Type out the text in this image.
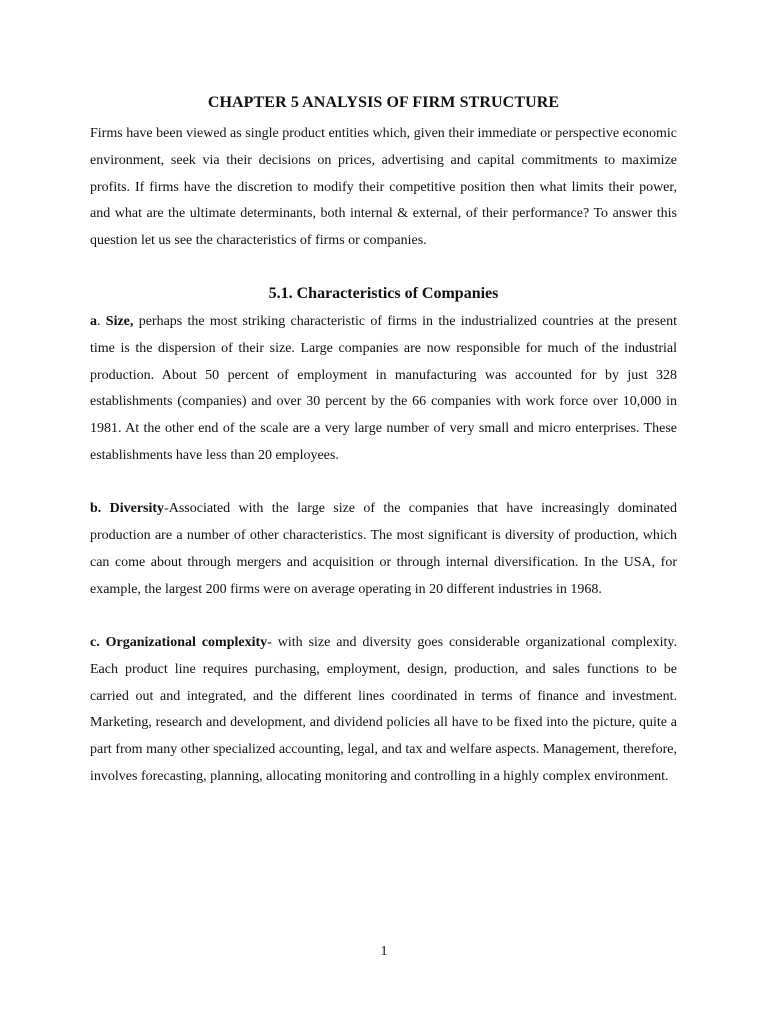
CHAPTER 5 ANALYSIS OF FIRM STRUCTURE

Firms have been viewed as single product entities which, given their immediate or perspective economic environment, seek via their decisions on prices, advertising and capital commitments to maximize profits. If firms have the discretion to modify their competitive position then what limits their power, and what are the ultimate determinants, both internal & external, of their performance? To answer this question let us see the characteristics of firms or companies.

5.1. Characteristics of Companies

a. Size, perhaps the most striking characteristic of firms in the industrialized countries at the present time is the dispersion of their size. Large companies are now responsible for much of the industrial production. About 50 percent of employment in manufacturing was accounted for by just 328 establishments (companies) and over 30 percent by the 66 companies with work force over 10,000 in 1981. At the other end of the scale are a very large number of very small and micro enterprises. These establishments have less than 20 employees.

b. Diversity-Associated with the large size of the companies that have increasingly dominated production are a number of other characteristics. The most significant is diversity of production, which can come about through mergers and acquisition or through internal diversification. In the USA, for example, the largest 200 firms were on average operating in 20 different industries in 1968.

c. Organizational complexity- with size and diversity goes considerable organizational complexity. Each product line requires purchasing, employment, design, production, and sales functions to be carried out and integrated, and the different lines coordinated in terms of finance and investment. Marketing, research and development, and dividend policies all have to be fixed into the picture, quite a part from many other specialized accounting, legal, and tax and welfare aspects. Management, therefore, involves forecasting, planning, allocating monitoring and controlling in a highly complex environment.

1
